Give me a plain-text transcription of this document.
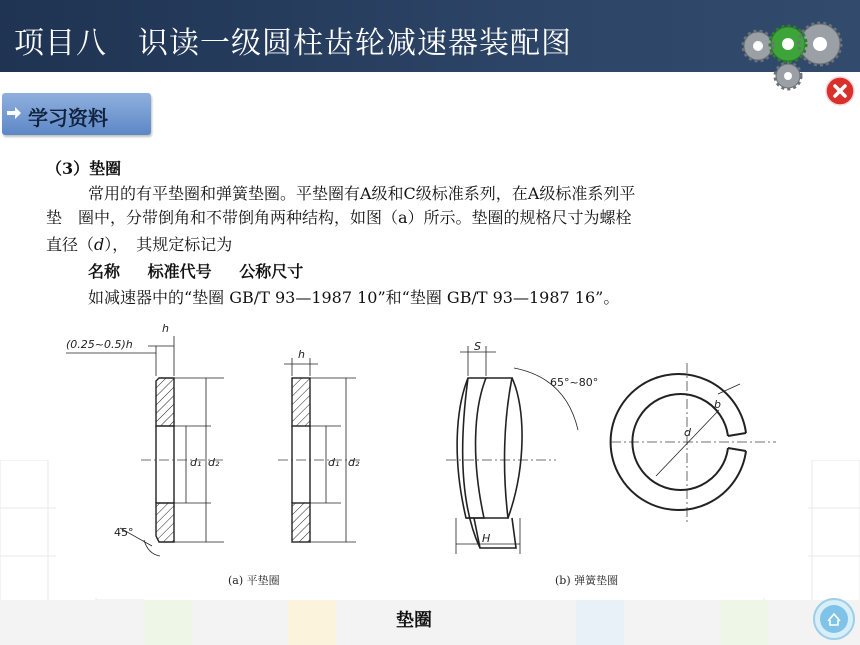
项目八　识读一级圆柱齿轮减速器装配图
学习资料
（3）垫圈
常用的有平垫圈和弹簧垫圈。平垫圈有A级和C级标准系列，在A级标准系列平
垫　圈中，分带倒角和不带倒角两种结构，如图（a）所示。垫圈的规格尺寸为螺栓
直径（d），　其规定标记为
名称 标准代号 公称尺寸
如减速器中的“垫圈 GB/T 93—1987 10”和“垫圈 GB/T 93—1987 16”。
(0.25~0.5)h
h
h
d₁ d₂	d₁ d₂
45°
S
65°~80°
H
d
b
(a) 平垫圈	(b) 弹簧垫圈
垫圈
